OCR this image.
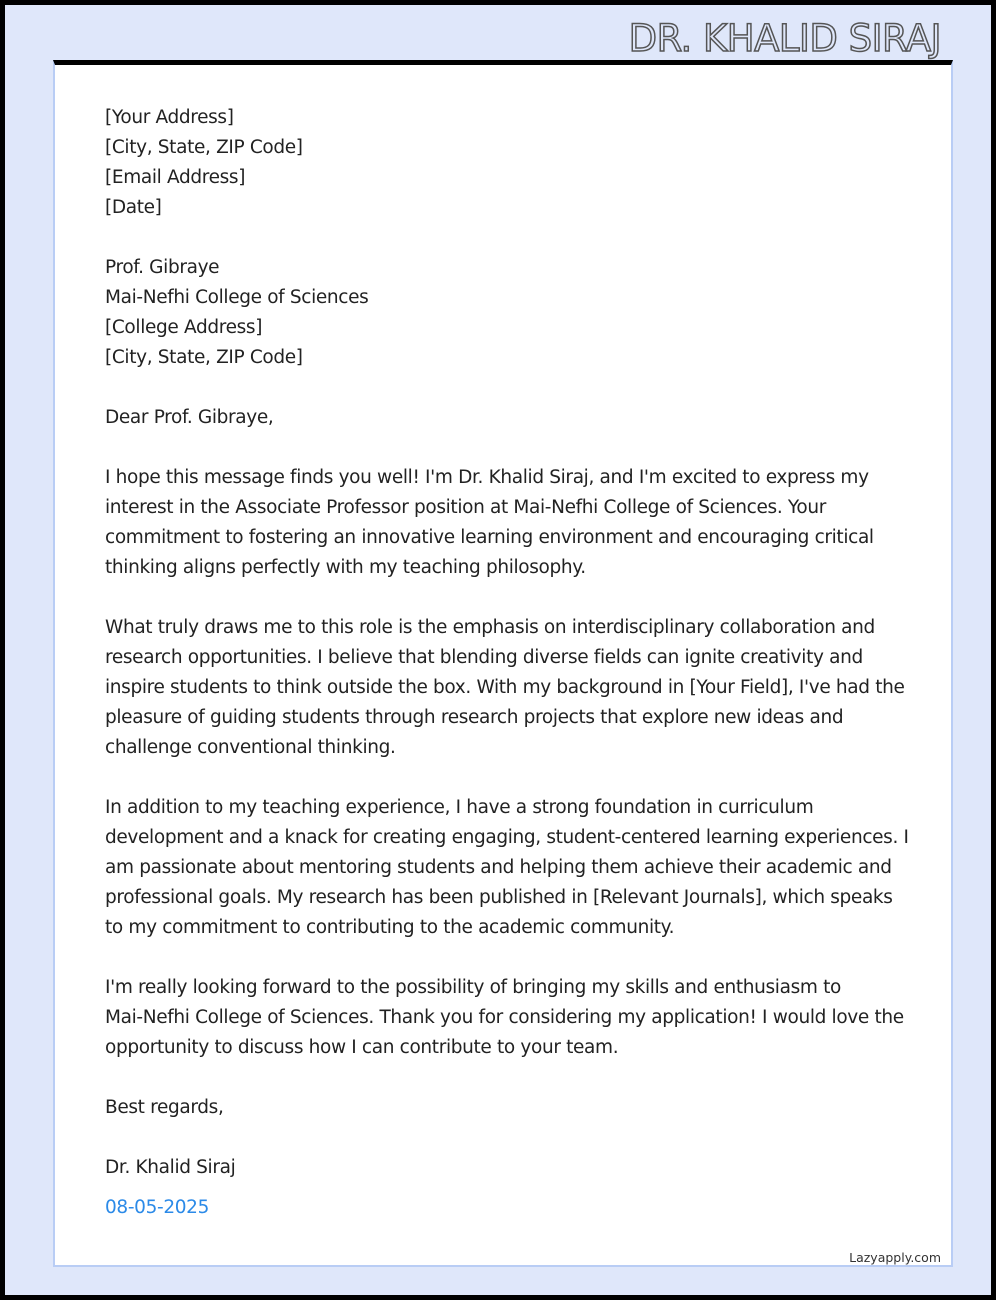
DR. KHALID SIRAJ
[Your Address]
[City, State, ZIP Code]
[Email Address]
[Date]
Prof. Gibraye
Mai-Nefhi College of Sciences
[College Address]
[City, State, ZIP Code]
Dear Prof. Gibraye,

I hope this message finds you well! I'm Dr. Khalid Siraj, and I'm excited to express my
interest in the Associate Professor position at Mai-Nefhi College of Sciences. Your
commitment to fostering an innovative learning environment and encouraging critical
thinking aligns perfectly with my teaching philosophy.

What truly draws me to this role is the emphasis on interdisciplinary collaboration and
research opportunities. I believe that blending diverse fields can ignite creativity and
inspire students to think outside the box. With my background in [Your Field], I've had the
pleasure of guiding students through research projects that explore new ideas and
challenge conventional thinking.

In addition to my teaching experience, I have a strong foundation in curriculum
development and a knack for creating engaging, student-centered learning experiences. I
am passionate about mentoring students and helping them achieve their academic and
professional goals. My research has been published in [Relevant Journals], which speaks
to my commitment to contributing to the academic community.

I'm really looking forward to the possibility of bringing my skills and enthusiasm to
Mai-Nefhi College of Sciences. Thank you for considering my application! I would love the
opportunity to discuss how I can contribute to your team.

Best regards,
Dr. Khalid Siraj
08-05-2025
Lazyapply.com
